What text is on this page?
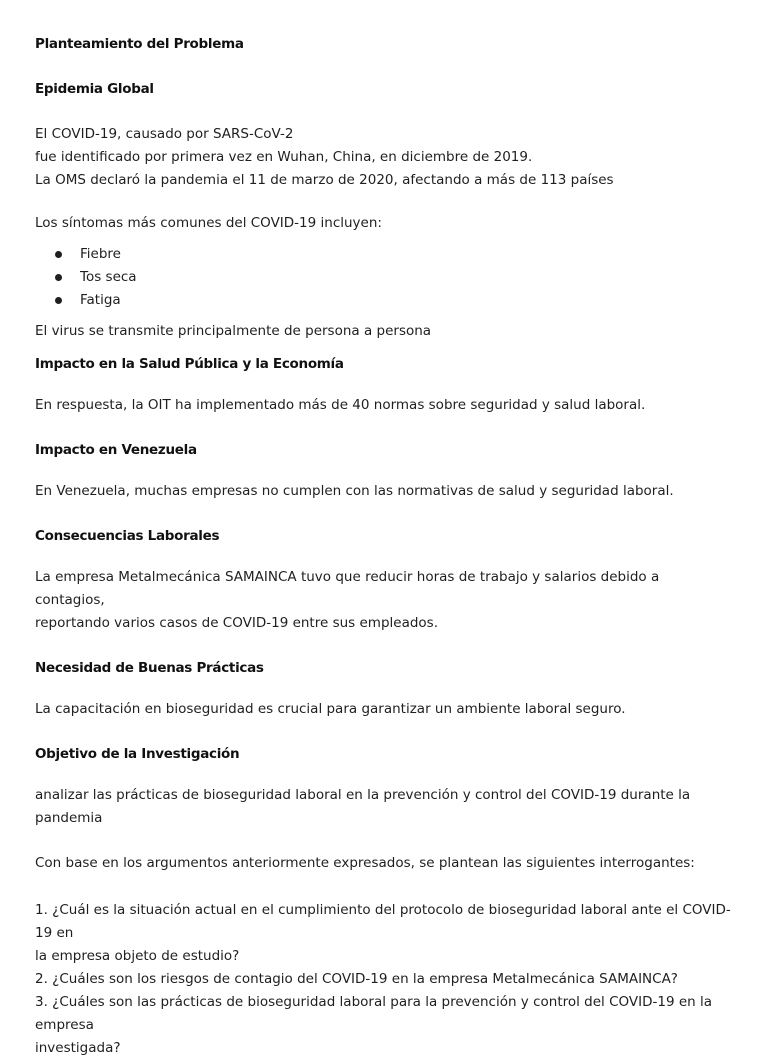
Planteamiento del Problema

Epidemia Global

El COVID-19, causado por SARS-CoV-2

fue identificado por primera vez en Wuhan, China, en diciembre de 2019.

La OMS declaró la pandemia el 11 de marzo de 2020, afectando a más de 113 países

Los síntomas más comunes del COVID-19 incluyen:

Fiebre
Tos seca
Fatiga

El virus se transmite principalmente de persona a persona

Impacto en la Salud Pública y la Economía

En respuesta, la OIT ha implementado más de 40 normas sobre seguridad y salud laboral.

Impacto en Venezuela

En Venezuela, muchas empresas no cumplen con las normativas de salud y seguridad laboral.

Consecuencias Laborales

La empresa Metalmecánica SAMAINCA tuvo que reducir horas de trabajo y salarios debido a contagios,

reportando varios casos de COVID-19 entre sus empleados.

Necesidad de Buenas Prácticas

La capacitación en bioseguridad es crucial para garantizar un ambiente laboral seguro.

Objetivo de la Investigación

analizar las prácticas de bioseguridad laboral en la prevención y control del COVID-19 durante la pandemia

Con base en los argumentos anteriormente expresados, se plantean las siguientes interrogantes:

1. ¿Cuál es la situación actual en el cumplimiento del protocolo de bioseguridad laboral ante el COVID-19 en

la empresa objeto de estudio?

2. ¿Cuáles son los riesgos de contagio del COVID-19 en la empresa Metalmecánica SAMAINCA?

3. ¿Cuáles son las prácticas de bioseguridad laboral para la prevención y control del COVID-19 en la empresa

investigada?
